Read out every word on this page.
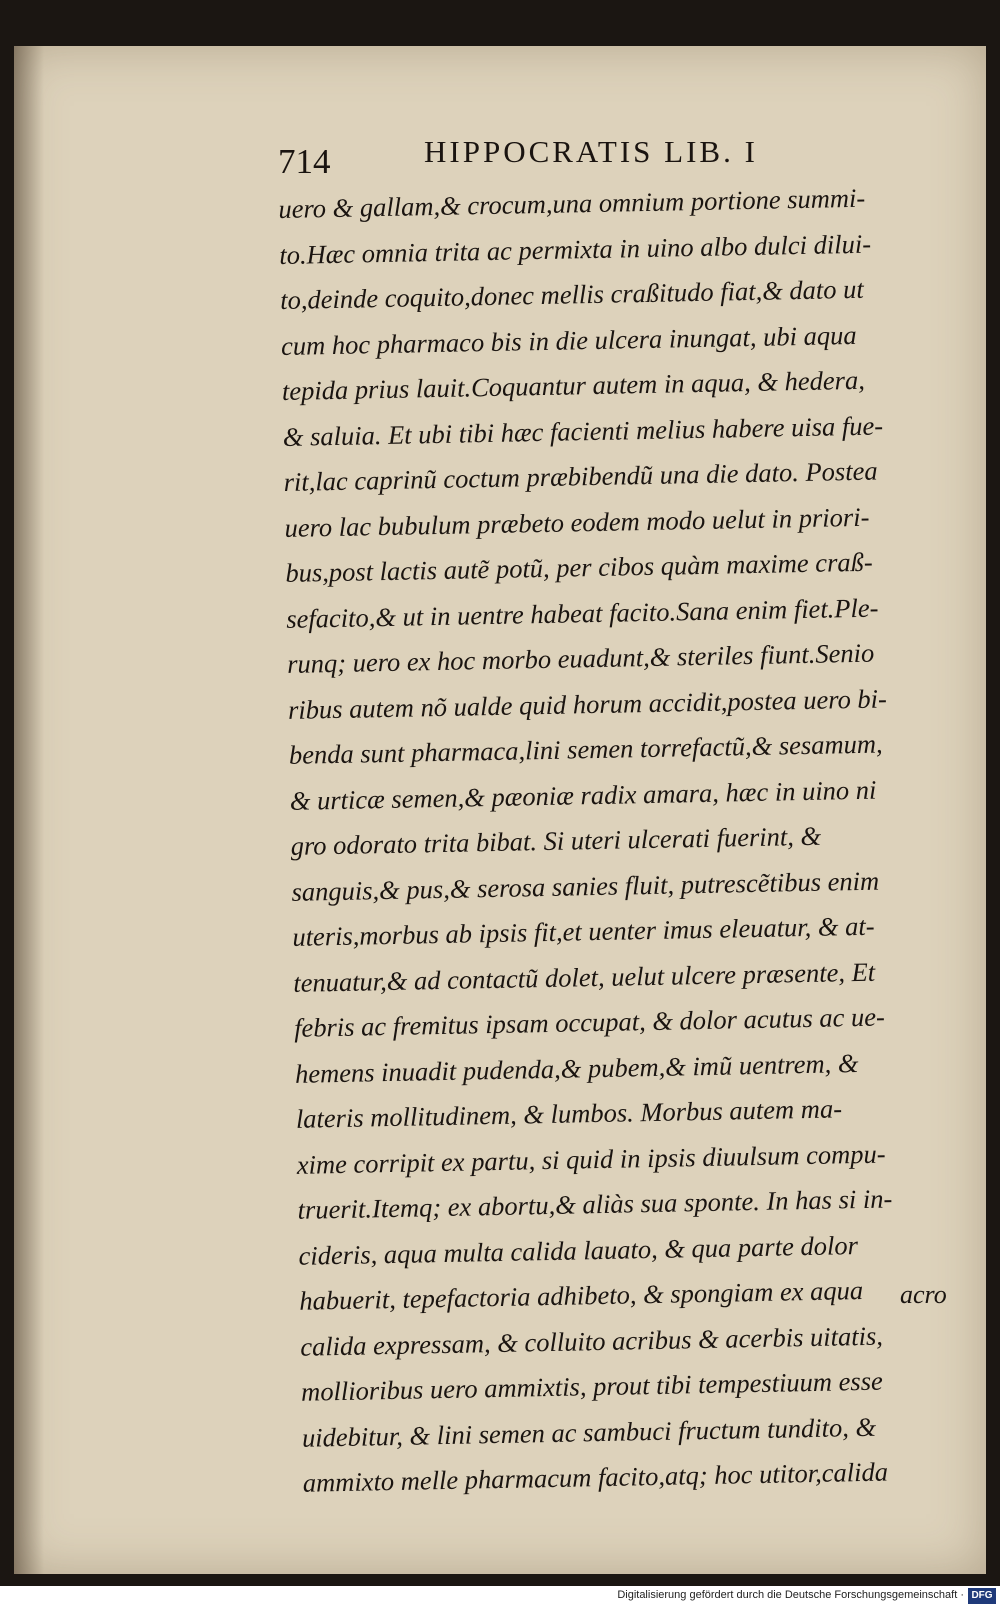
714	HIPPOCRATIS LIB. I
uero & gallam,& crocum,una omnium portione summi-
to.Hæc omnia trita ac permixta in uino albo dulci dilui-
to,deinde coquito,donec mellis craßitudo fiat,& dato ut
cum hoc pharmaco bis in die ulcera inungat, ubi aqua
tepida prius lauit.Coquantur autem in aqua, & hedera,
& saluia. Et ubi tibi hæc facienti melius habere uisa fue-
rit,lac caprinũ coctum præbibendũ una die dato. Postea
uero lac bubulum præbeto eodem modo uelut in priori-
bus,post lactis autẽ potũ, per cibos quàm maxime craß-
sefacito,& ut in uentre habeat facito.Sana enim fiet.Ple-
runq; uero ex hoc morbo euadunt,& steriles fiunt.Senio
ribus autem nõ ualde quid horum accidit,postea uero bi-
benda sunt pharmaca,lini semen torrefactũ,& sesamum,
& urticæ semen,& pæoniæ radix amara, hæc in uino ni
gro odorato trita bibat. Si uteri ulcerati fuerint, &
sanguis,& pus,& serosa sanies fluit, putrescẽtibus enim
uteris,morbus ab ipsis fit,et uenter imus eleuatur, & at-
tenuatur,& ad contactũ dolet, uelut ulcere præsente, Et
febris ac fremitus ipsam occupat, & dolor acutus ac ue-
hemens inuadit pudenda,& pubem,& imũ uentrem, &
lateris mollitudinem, & lumbos. Morbus autem ma-
xime corripit ex partu, si quid in ipsis diuulsum compu-
truerit.Itemq; ex abortu,& aliàs sua sponte. In has si in-
cideris, aqua multa calida lauato, & qua parte dolor
habuerit, tepefactoria adhibeto, & spongiam ex aqua
calida expressam, & colluito acribus & acerbis uitatis,
mollioribus uero ammixtis, prout tibi tempestiuum esse
uidebitur, & lini semen ac sambuci fructum tundito, &
ammixto melle pharmacum facito,atq; hoc utitor,calida
acro
Digitalisierung gefördert durch die Deutsche Forschungsgemeinschaft · DFG
